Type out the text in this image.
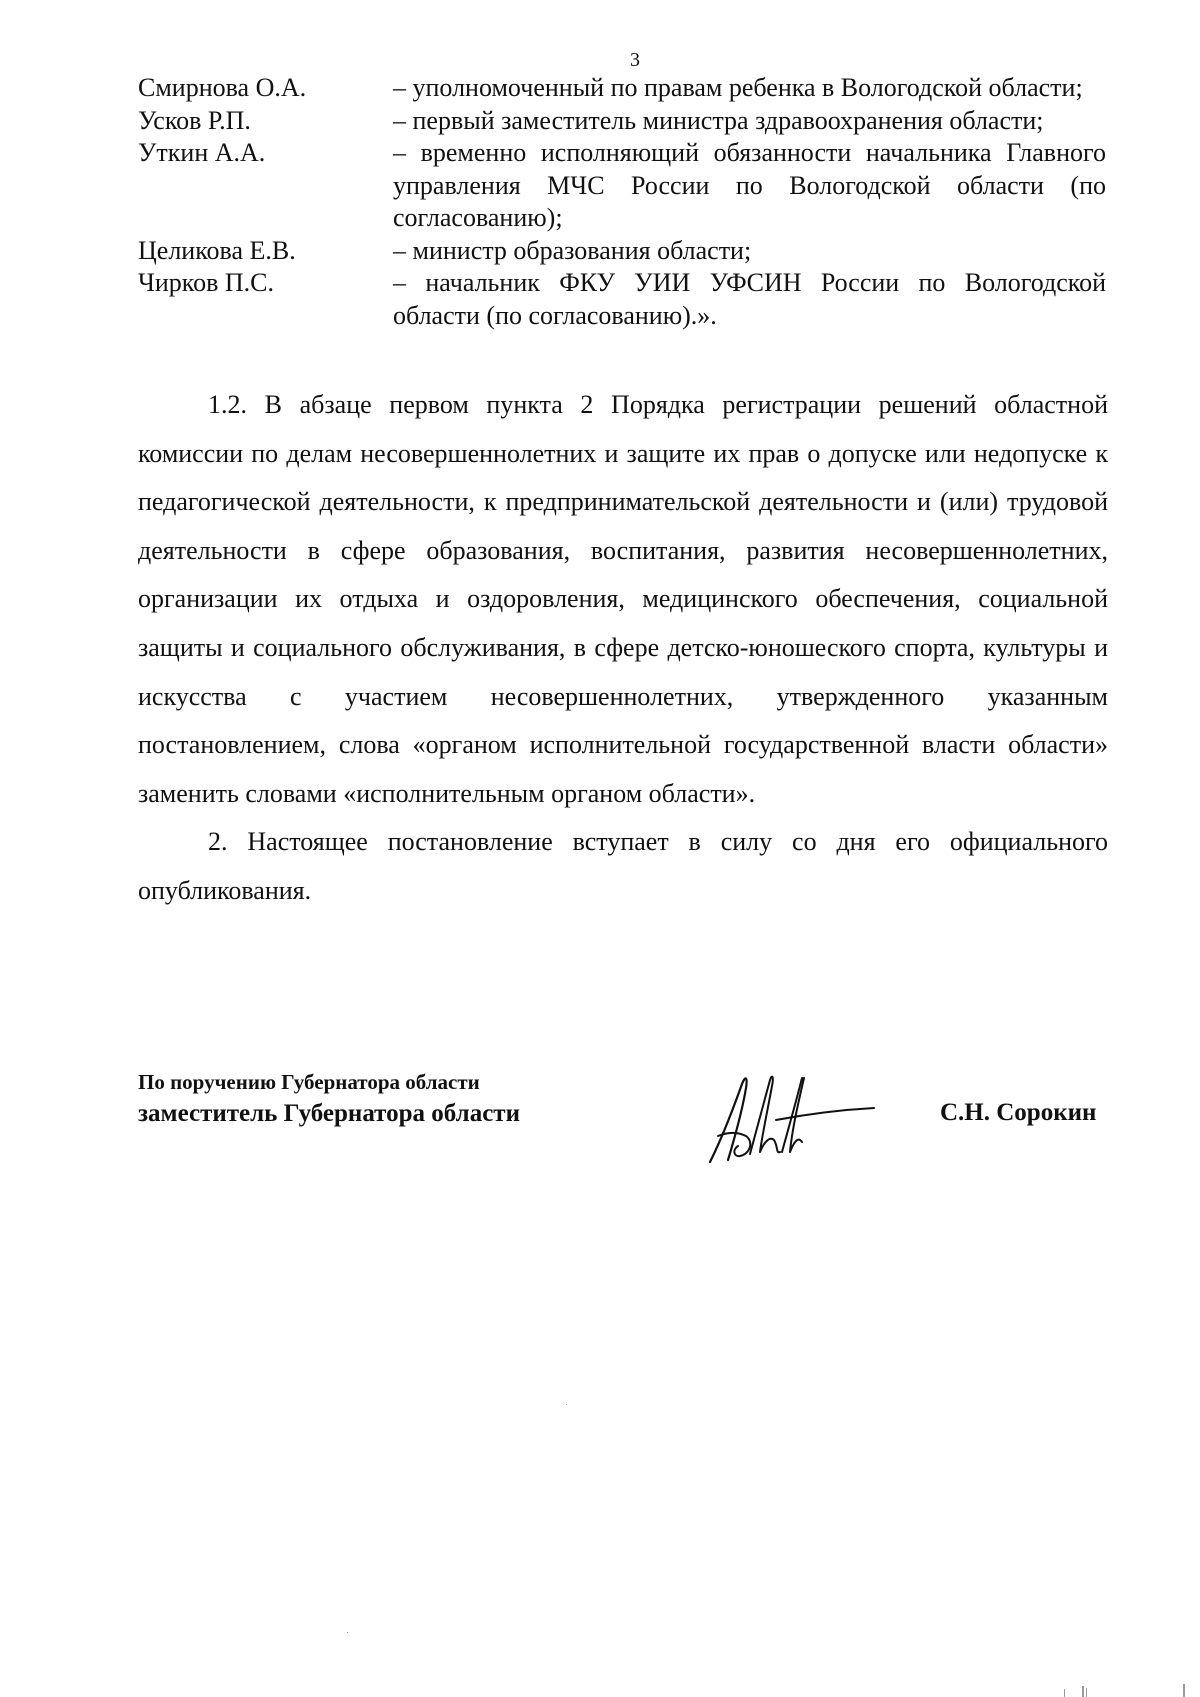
3
Смирнова О.А.	– уполномоченный по правам ребенка в Вологодской области;
Усков Р.П.	– первый заместитель министра здравоохранения области;
Уткин А.А.	– временно исполняющий обязанности начальника Главного управления МЧС России по Вологодской области (по согласованию);
Целикова Е.В.	– министр образования области;
Чирков П.С.	– начальник ФКУ УИИ УФСИН России по Вологодской области (по согласованию).».

1.2. В абзаце первом пункта 2 Порядка регистрации решений областной комиссии по делам несовершеннолетних и защите их прав о допуске или недопуске к педагогической деятельности, к предпринимательской деятельности и (или) трудовой деятельности в сфере образования, воспитания, развития несовершеннолетних, организации их отдыха и оздоровления, медицинского обеспечения, социальной защиты и социального обслуживания, в сфере детско-юношеского спорта, культуры и искусства с участием несовершеннолетних, утвержденного указанным постановлением, слова «органом исполнительной государственной власти области» заменить словами «исполнительным органом области».

2. Настоящее постановление вступает в силу со дня его официального опубликования.

По поручению Губернатора области
заместитель Губернатора области	С.Н. Сорокин
